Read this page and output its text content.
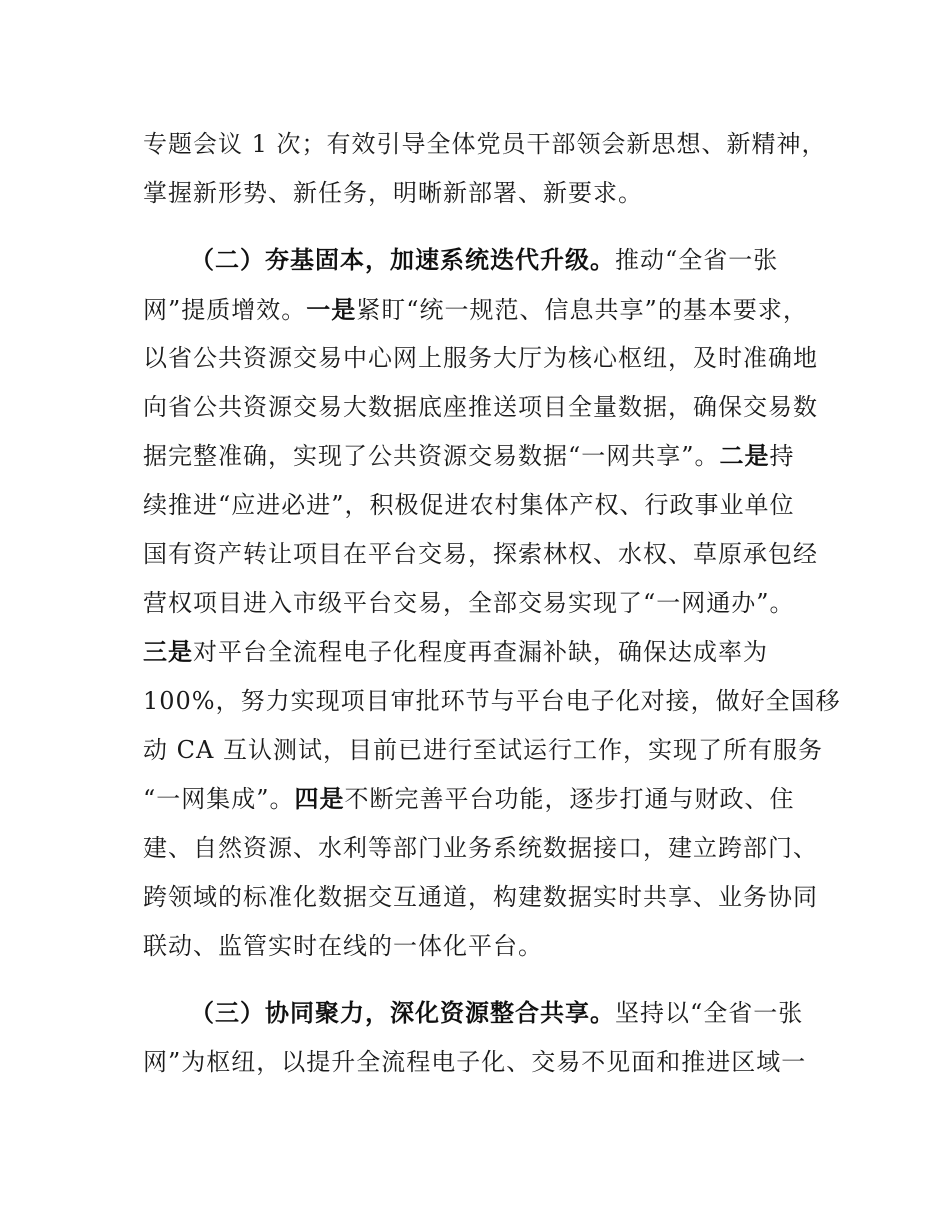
专题会议 1 次；有效引导全体党员干部领会新思想、新精神，
掌握新形势、新任务，明晰新部署、新要求。
（二）夯基固本，加速系统迭代升级。推动“全省一张
网”提质增效。一是紧盯“统一规范、信息共享”的基本要求，
以省公共资源交易中心网上服务大厅为核心枢纽，及时准确地
向省公共资源交易大数据底座推送项目全量数据，确保交易数
据完整准确，实现了公共资源交易数据“一网共享”。二是持
续推进“应进必进”，积极促进农村集体产权、行政事业单位
国有资产转让项目在平台交易，探索林权、水权、草原承包经
营权项目进入市级平台交易，全部交易实现了“一网通办”。
三是对平台全流程电子化程度再查漏补缺，确保达成率为
100%，努力实现项目审批环节与平台电子化对接，做好全国移
动 CA 互认测试，目前已进行至试运行工作，实现了所有服务
“一网集成”。四是不断完善平台功能，逐步打通与财政、住
建、自然资源、水利等部门业务系统数据接口，建立跨部门、
跨领域的标准化数据交互通道，构建数据实时共享、业务协同
联动、监管实时在线的一体化平台。
（三）协同聚力，深化资源整合共享。坚持以“全省一张
网”为枢纽，以提升全流程电子化、交易不见面和推进区域一
